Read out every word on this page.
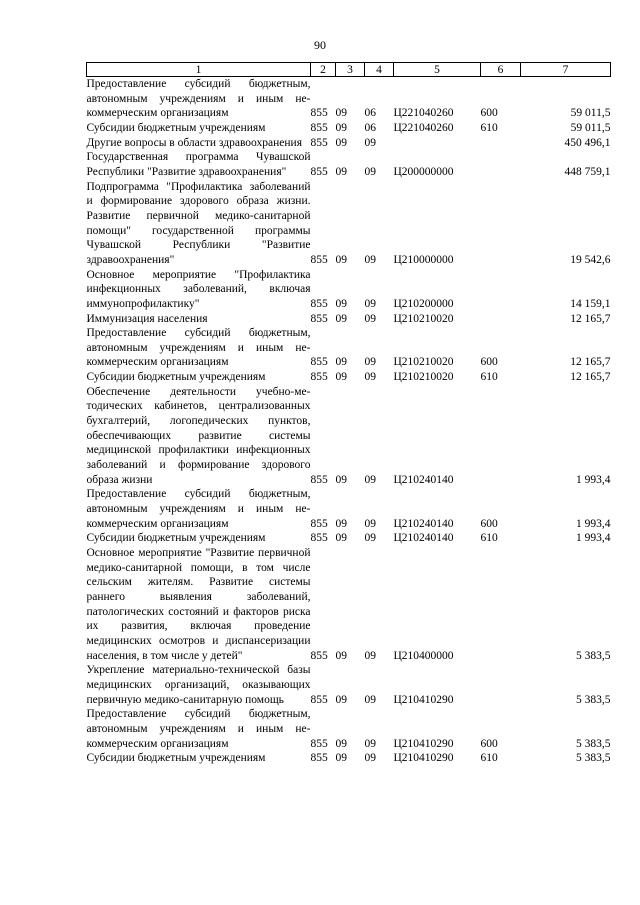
90
1	2	3	4	5	6	7
Предоставление субсидий бюджетным, автономным учреждениям и иным некоммерческим организациям	855	09	06	Ц221040260	600	59 011,5
Субсидии бюджетным учреждениям	855	09	06	Ц221040260	610	59 011,5
Другие вопросы в области здравоохранения	855	09	09			450 496,1
Государственная программа Чувашской Республики "Развитие здравоохранения"	855	09	09	Ц200000000		448 759,1
Подпрограмма "Профилактика заболеваний и формирование здорового образа жизни. Развитие первичной медико-санитарной помощи" государственной программы Чувашской Республики "Развитие здравоохранения"	855	09	09	Ц210000000		19 542,6
Основное мероприятие "Профилактика инфекционных заболеваний, включая иммунопрофилактику"	855	09	09	Ц210200000		14 159,1
Иммунизация населения	855	09	09	Ц210210020		12 165,7
Предоставление субсидий бюджетным, автономным учреждениям и иным некоммерческим организациям	855	09	09	Ц210210020	600	12 165,7
Субсидии бюджетным учреждениям	855	09	09	Ц210210020	610	12 165,7
Обеспечение деятельности учебно-методических кабинетов, централизованных бухгалтерий, логопедических пунктов, обеспечивающих развитие системы медицинской профилактики инфекционных заболеваний и формирование здорового образа жизни	855	09	09	Ц210240140		1 993,4
Предоставление субсидий бюджетным, автономным учреждениям и иным некоммерческим организациям	855	09	09	Ц210240140	600	1 993,4
Субсидии бюджетным учреждениям	855	09	09	Ц210240140	610	1 993,4
Основное мероприятие "Развитие первичной медико-санитарной помощи, в том числе сельским жителям. Развитие системы раннего выявления заболеваний, патологических состояний и факторов риска их развития, включая проведение медицинских осмотров и диспансеризации населения, в том числе у детей"	855	09	09	Ц210400000		5 383,5
Укрепление материально-технической базы медицинских организаций, оказывающих первичную медико-санитарную помощь	855	09	09	Ц210410290		5 383,5
Предоставление субсидий бюджетным, автономным учреждениям и иным некоммерческим организациям	855	09	09	Ц210410290	600	5 383,5
Субсидии бюджетным учреждениям	855	09	09	Ц210410290	610	5 383,5
